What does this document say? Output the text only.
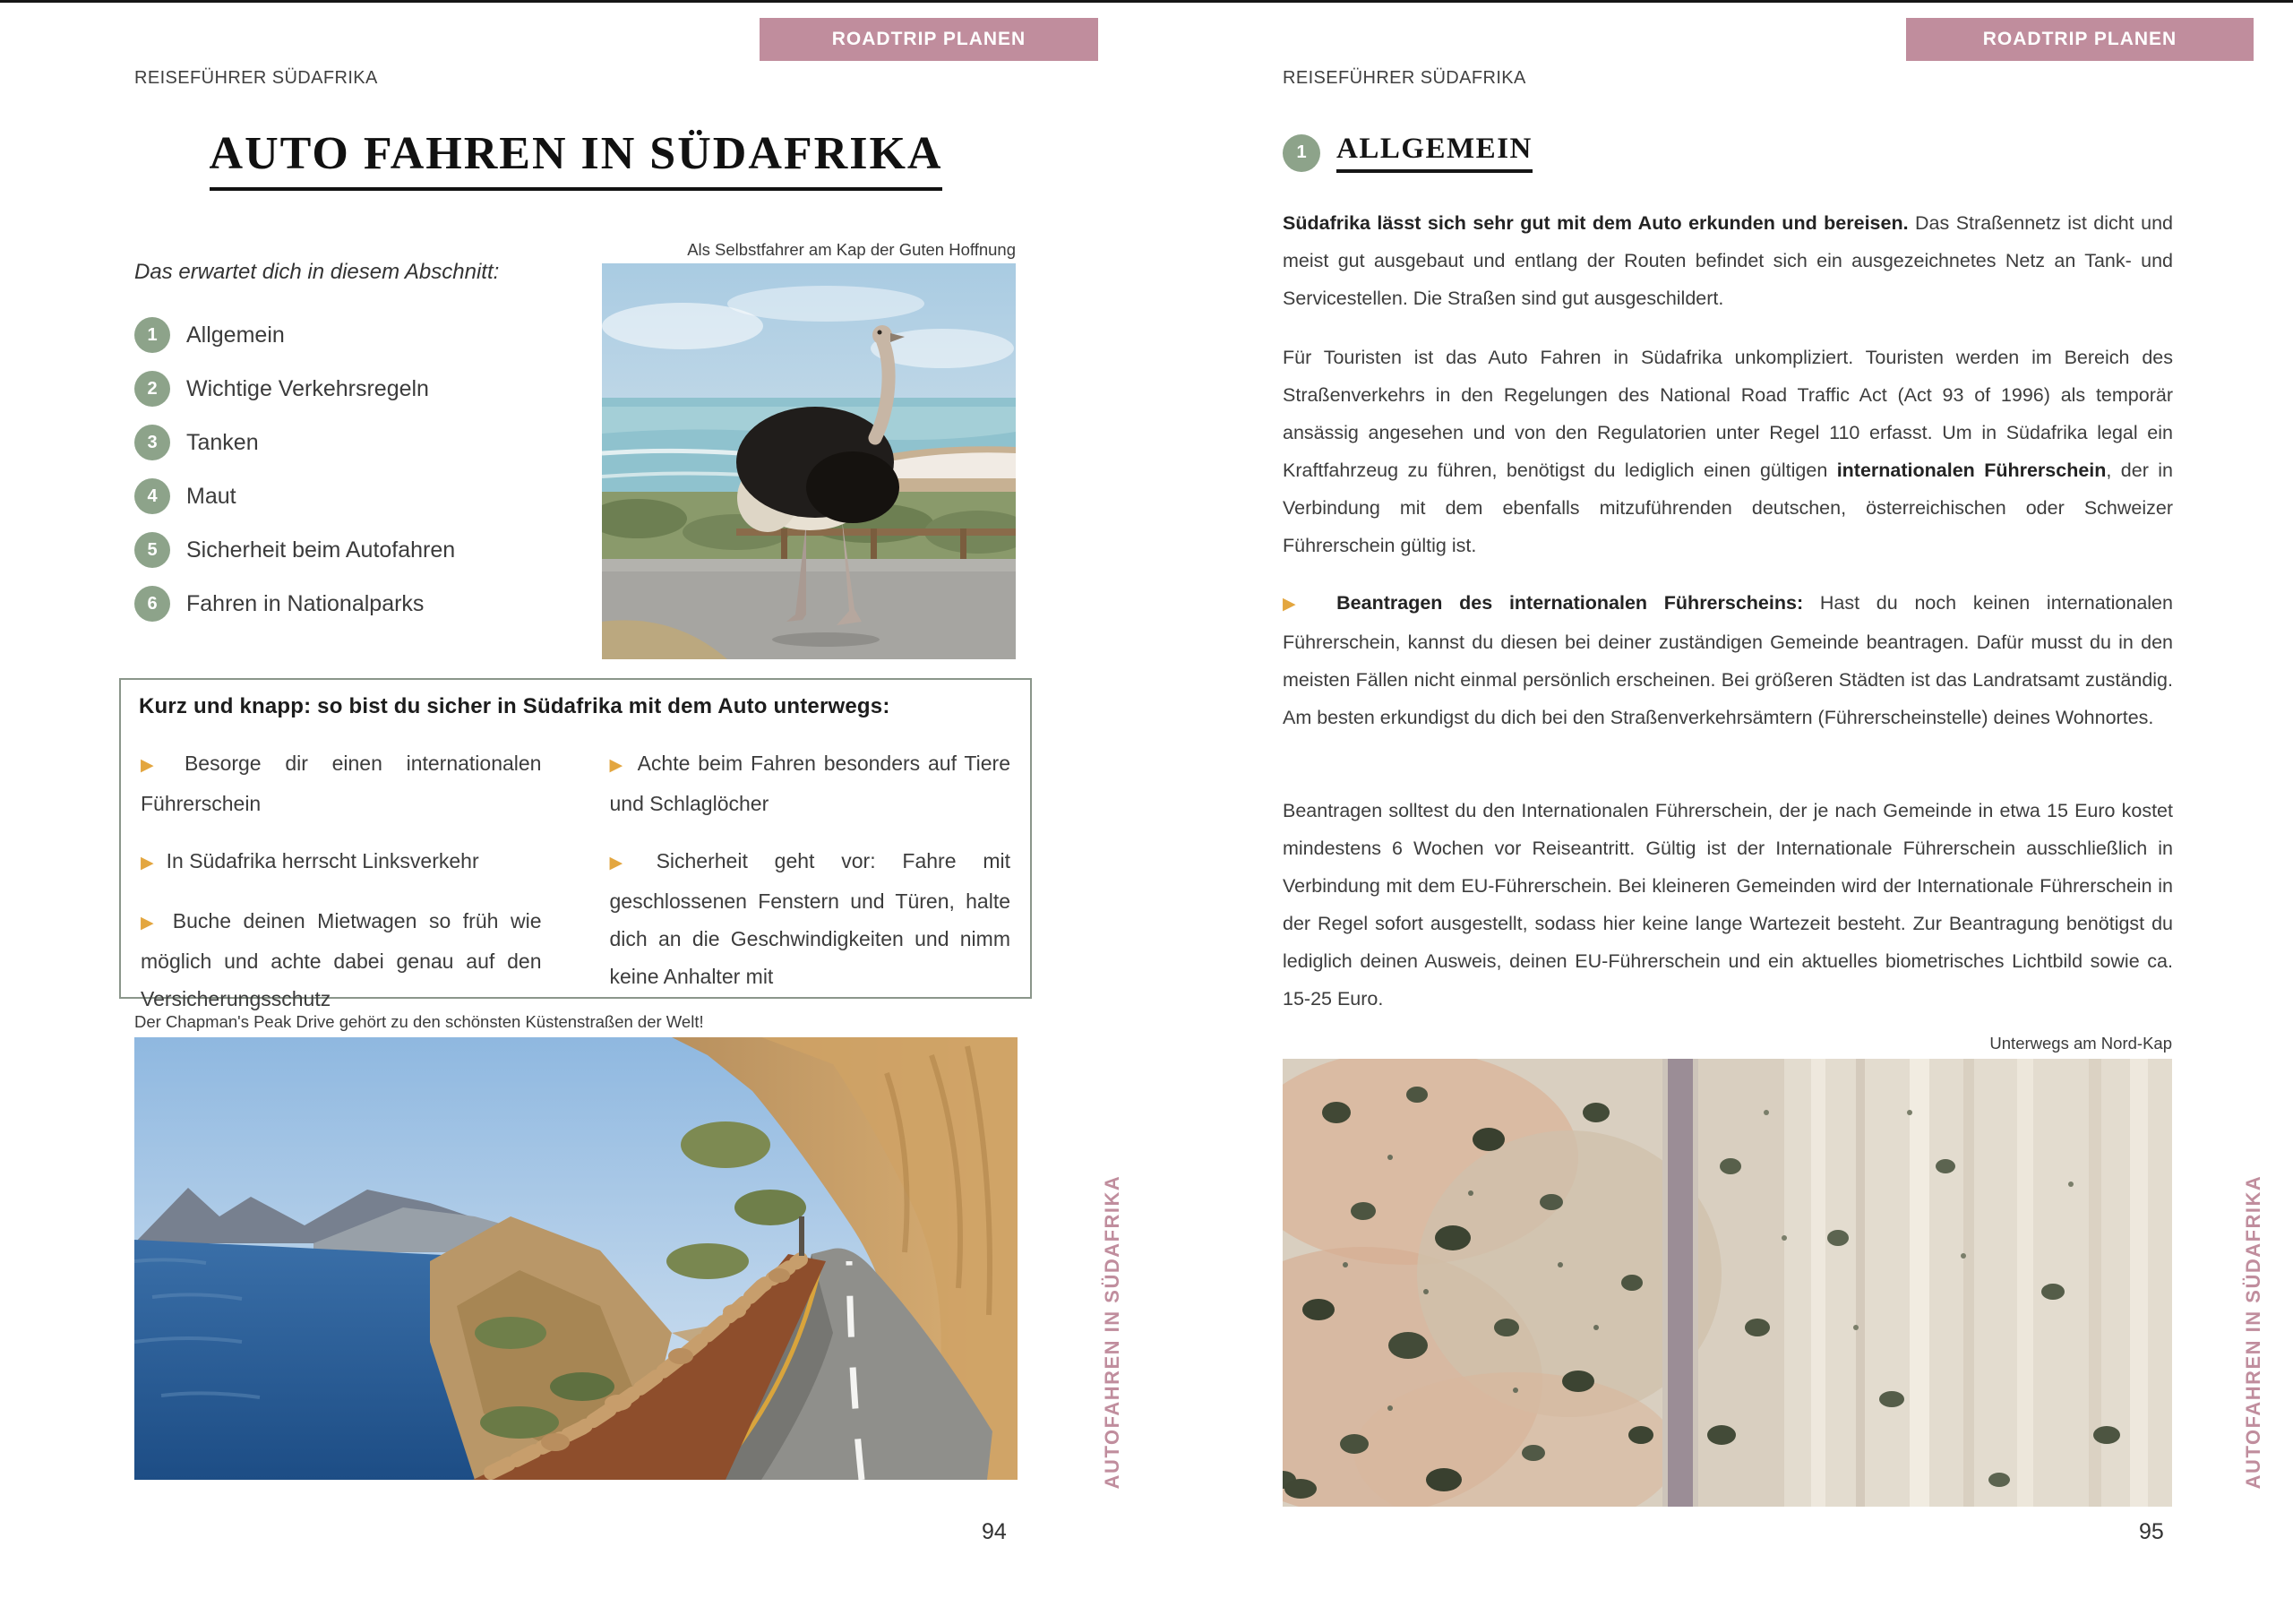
ROADTRIP PLANEN
REISEFÜHRER SÜDAFRIKA
AUTO FAHREN IN SÜDAFRIKA
Das erwartet dich in diesem Abschnitt:
1	Allgemein
2	Wichtige Verkehrsregeln
3	Tanken
4	Maut
5	Sicherheit beim Autofahren
6	Fahren in Nationalparks
Als Selbstfahrer am Kap der Guten Hoffnung
Kurz und knapp: so bist du sicher in Südafrika mit dem Auto unterwegs:

▶ Besorge dir einen internationalen Führerschein

▶ In Südafrika herrscht Linksverkehr

▶ Buche deinen Mietwagen so früh wie möglich und achte dabei genau auf den Versicherungsschutz

▶ Achte beim Fahren besonders auf Tiere und Schlaglöcher

▶ Sicherheit geht vor: Fahre mit geschlossenen Fenstern und Türen, halte dich an die Geschwindigkeiten und nimm keine Anhalter mit

Der Chapman's Peak Drive gehört zu den schönsten Küstenstraßen der Welt!
AUTOFAHREN IN SÜDAFRIKA
94
ROADTRIP PLANEN
REISEFÜHRER SÜDAFRIKA
1	ALLGEMEIN

Südafrika lässt sich sehr gut mit dem Auto erkunden und bereisen. Das Straßennetz ist dicht und meist gut ausgebaut und entlang der Routen befindet sich ein ausgezeichnetes Netz an Tank- und Servicestellen. Die Straßen sind gut ausgeschildert.

Für Touristen ist das Auto Fahren in Südafrika unkompliziert. Touristen werden im Bereich des Straßenverkehrs in den Regelungen des National Road Traffic Act (Act 93 of 1996) als temporär ansässig angesehen und von den Regulatorien unter Regel 110 erfasst. Um in Südafrika legal ein Kraftfahrzeug zu führen, benötigst du lediglich einen gültigen internationalen Führerschein, der in Verbindung mit dem ebenfalls mitzuführenden deutschen, österreichischen oder Schweizer Führerschein gültig ist.

▶ Beantragen des internationalen Führerscheins: Hast du noch keinen internationalen Führerschein, kannst du diesen bei deiner zuständigen Gemeinde beantragen. Dafür musst du in den meisten Fällen nicht einmal persönlich erscheinen. Bei größeren Städten ist das Landratsamt zuständig. Am besten erkundigst du dich bei den Straßenverkehrsämtern (Führerscheinstelle) deines Wohnortes.

Beantragen solltest du den Internationalen Führerschein, der je nach Gemeinde in etwa 15 Euro kostet mindestens 6 Wochen vor Reiseantritt. Gültig ist der Internationale Führerschein ausschließlich in Verbindung mit dem EU-Führerschein. Bei kleineren Gemeinden wird der Internationale Führerschein in der Regel sofort ausgestellt, sodass hier keine lange Wartezeit besteht. Zur Beantragung benötigst du lediglich deinen Ausweis, deinen EU-Führerschein und ein aktuelles biometrisches Lichtbild sowie ca. 15-25 Euro.

Unterwegs am Nord-Kap
AUTOFAHREN IN SÜDAFRIKA
95
